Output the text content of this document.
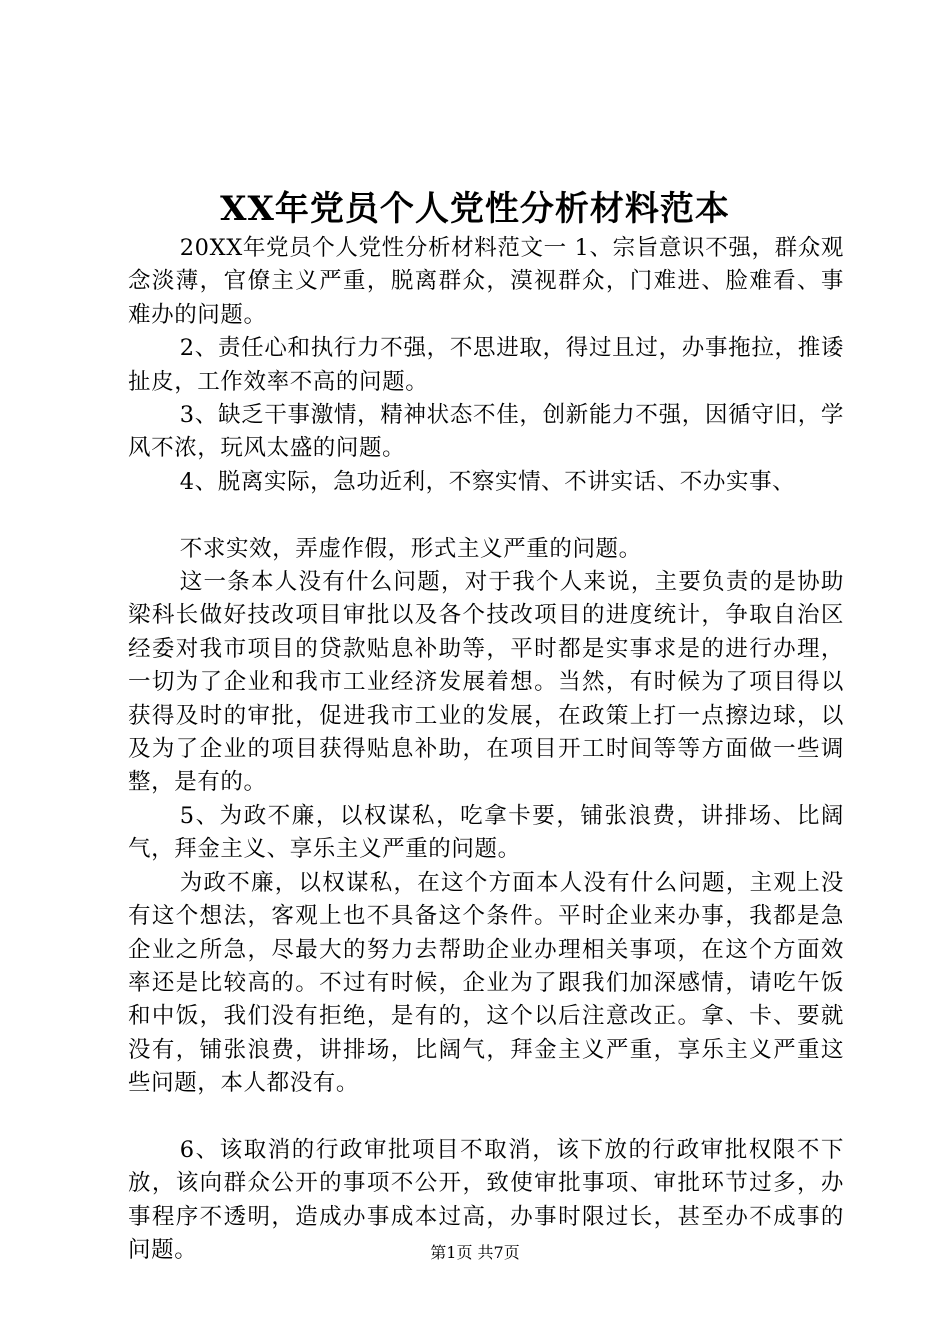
XX年党员个人党性分析材料范本

20XX年党员个人党性分析材料范文一 1、宗旨意识不强，群众观念淡薄，官僚主义严重，脱离群众，漠视群众，门难进、脸难看、事难办的问题。

2、责任心和执行力不强，不思进取，得过且过，办事拖拉，推诿扯皮，工作效率不高的问题。

3、缺乏干事激情，精神状态不佳，创新能力不强，因循守旧，学风不浓，玩风太盛的问题。

4、脱离实际，急功近利，不察实情、不讲实话、不办实事、

不求实效，弄虚作假，形式主义严重的问题。

这一条本人没有什么问题，对于我个人来说，主要负责的是协助梁科长做好技改项目审批以及各个技改项目的进度统计，争取自治区经委对我市项目的贷款贴息补助等，平时都是实事求是的进行办理，一切为了企业和我市工业经济发展着想。当然，有时候为了项目得以获得及时的审批，促进我市工业的发展，在政策上打一点擦边球，以及为了企业的项目获得贴息补助，在项目开工时间等等方面做一些调整，是有的。

5、为政不廉，以权谋私，吃拿卡要，铺张浪费，讲排场、比阔气，拜金主义、享乐主义严重的问题。

为政不廉，以权谋私，在这个方面本人没有什么问题，主观上没有这个想法，客观上也不具备这个条件。平时企业来办事，我都是急企业之所急，尽最大的努力去帮助企业办理相关事项，在这个方面效率还是比较高的。不过有时候，企业为了跟我们加深感情，请吃午饭和中饭，我们没有拒绝，是有的，这个以后注意改正。拿、卡、要就没有，铺张浪费，讲排场，比阔气，拜金主义严重，享乐主义严重这些问题，本人都没有。

6、该取消的行政审批项目不取消，该下放的行政审批权限不下放，该向群众公开的事项不公开，致使审批事项、审批环节过多，办事程序不透明，造成办事成本过高，办事时限过长，甚至办不成事的问题。	第1页 共7页
